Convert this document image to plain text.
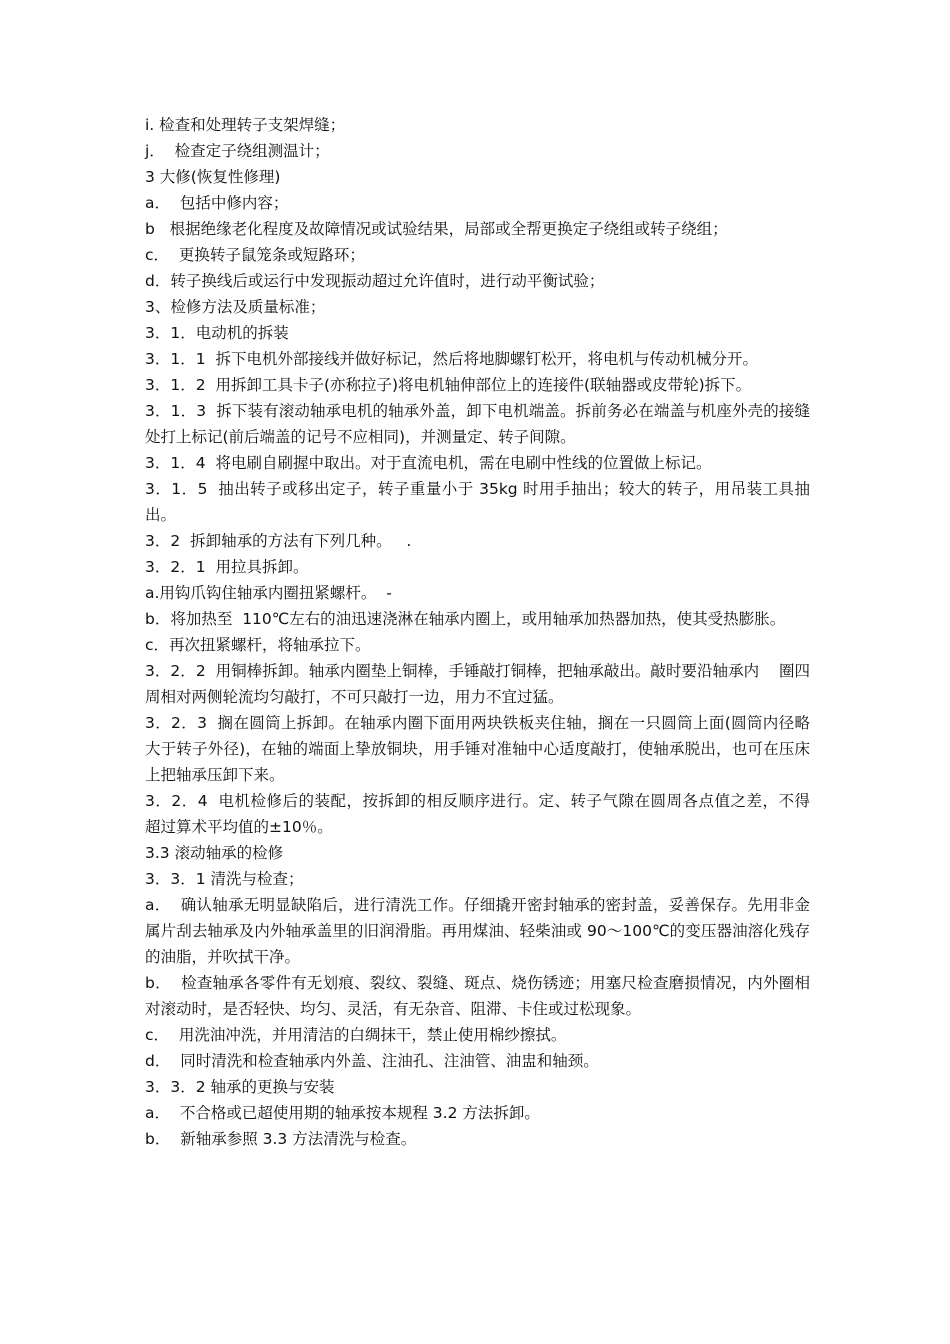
i. 检查和处理转子支架焊缝；

j．  检查定子绕组测温计；

3 大修(恢复性修理)

a．  包括中修内容；

b   根据绝缘老化程度及故障情况或试验结果，局部或全帮更换定子绕组或转子绕组；

c．  更换转子鼠笼条或短路环；

d．转子换线后或运行中发现振动超过允许值时，进行动平衡试验；

3、检修方法及质量标准；

3．1．电动机的拆装

3．1．1  拆下电机外部接线并做好标记，然后将地脚螺钉松开，将电机与传动机械分开。

3．1．2  用拆卸工具卡子(亦称拉子)将电机轴伸部位上的连接件(联轴器或皮带轮)拆下。

3．1．3  拆下装有滚动轴承电机的轴承外盖，卸下电机端盖。拆前务必在端盖与机座外壳的接缝处打上标记(前后端盖的记号不应相同)，并测量定、转子间隙。

3．1．4  将电刷自刷握中取出。对于直流电机，需在电刷中性线的位置做上标记。

3．1．5  抽出转子或移出定子，转子重量小于 35kg 时用手抽出；较大的转子，用吊装工具抽出。

3．2  拆卸轴承的方法有下列几种。   .

3．2．1  用拉具拆卸。

a.用钩爪钩住轴承内圈扭紧螺杆。  -

b．将加热至  110℃左右的油迅速浇淋在轴承内圈上，或用轴承加热器加热，使其受热膨胀。

c．再次扭紧螺杆，将轴承拉下。

3．2．2  用铜棒拆卸。轴承内圈垫上铜棒，手锤敲打铜棒，把轴承敲出。敲时要沿轴承内    圈四周相对两侧轮流均匀敲打，不可只敲打一边，用力不宜过猛。

3．2．3  搁在圆筒上拆卸。在轴承内圈下面用两块铁板夹住轴，搁在一只圆筒上面(圆筒内径略大于转子外径)，在轴的端面上挚放铜块，用手锤对准轴中心适度敲打，使轴承脱出，也可在压床上把轴承压卸下来。

3．2．4  电机检修后的装配，按拆卸的相反顺序进行。定、转子气隙在圆周各点值之差，不得  超过算术平均值的±10％。

3.3 滚动轴承的检修

3．3．1 清洗与检查；

a．  确认轴承无明显缺陷后，进行清洗工作。仔细撬开密封轴承的密封盖，妥善保存。先用非金属片刮去轴承及内外轴承盖里的旧润滑脂。再用煤油、轻柴油或 90～100℃的变压器油溶化残存的油脂，并吹拭干净。

b．  检查轴承各零件有无划痕、裂纹、裂缝、斑点、烧伤锈迹；用塞尺检查磨损情况，内外圈相对滚动时，是否轻快、均匀、灵活，有无杂音、阻滞、卡住或过松现象。

c．  用洗油冲洗，并用清洁的白绸抹干，禁止使用棉纱擦拭。

d．  同时清洗和检查轴承内外盖、注油孔、注油管、油盅和轴颈。

3．3．2 轴承的更换与安装

a．  不合格或已超使用期的轴承按本规程 3.2 方法拆卸。

b．  新轴承参照 3.3 方法清洗与检查。
